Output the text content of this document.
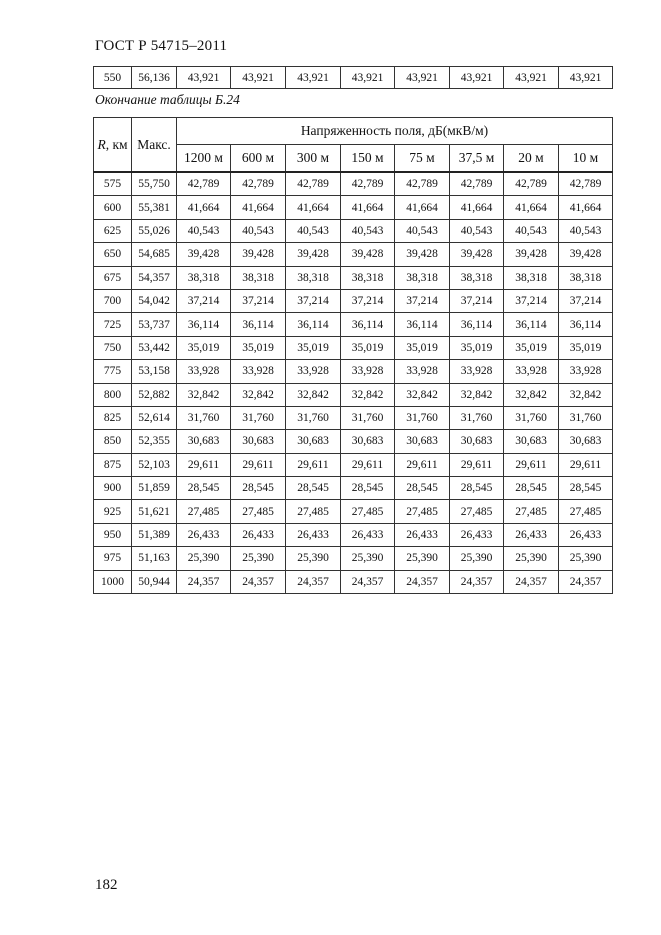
ГОСТ Р 54715–2011
550	56,136	43,921	43,921	43,921	43,921	43,921	43,921	43,921	43,921
Окончание таблицы Б.24
R, км	Макс.	Напряженность поля, дБ(мкВ/м)							
		1200 м	600 м	300 м	150 м	75 м	37,5 м	20 м	10 м
575	55,750	42,789	42,789	42,789	42,789	42,789	42,789	42,789	42,789
600	55,381	41,664	41,664	41,664	41,664	41,664	41,664	41,664	41,664
625	55,026	40,543	40,543	40,543	40,543	40,543	40,543	40,543	40,543
650	54,685	39,428	39,428	39,428	39,428	39,428	39,428	39,428	39,428
675	54,357	38,318	38,318	38,318	38,318	38,318	38,318	38,318	38,318
700	54,042	37,214	37,214	37,214	37,214	37,214	37,214	37,214	37,214
725	53,737	36,114	36,114	36,114	36,114	36,114	36,114	36,114	36,114
750	53,442	35,019	35,019	35,019	35,019	35,019	35,019	35,019	35,019
775	53,158	33,928	33,928	33,928	33,928	33,928	33,928	33,928	33,928
800	52,882	32,842	32,842	32,842	32,842	32,842	32,842	32,842	32,842
825	52,614	31,760	31,760	31,760	31,760	31,760	31,760	31,760	31,760
850	52,355	30,683	30,683	30,683	30,683	30,683	30,683	30,683	30,683
875	52,103	29,611	29,611	29,611	29,611	29,611	29,611	29,611	29,611
900	51,859	28,545	28,545	28,545	28,545	28,545	28,545	28,545	28,545
925	51,621	27,485	27,485	27,485	27,485	27,485	27,485	27,485	27,485
950	51,389	26,433	26,433	26,433	26,433	26,433	26,433	26,433	26,433
975	51,163	25,390	25,390	25,390	25,390	25,390	25,390	25,390	25,390
1000	50,944	24,357	24,357	24,357	24,357	24,357	24,357	24,357	24,357
182
